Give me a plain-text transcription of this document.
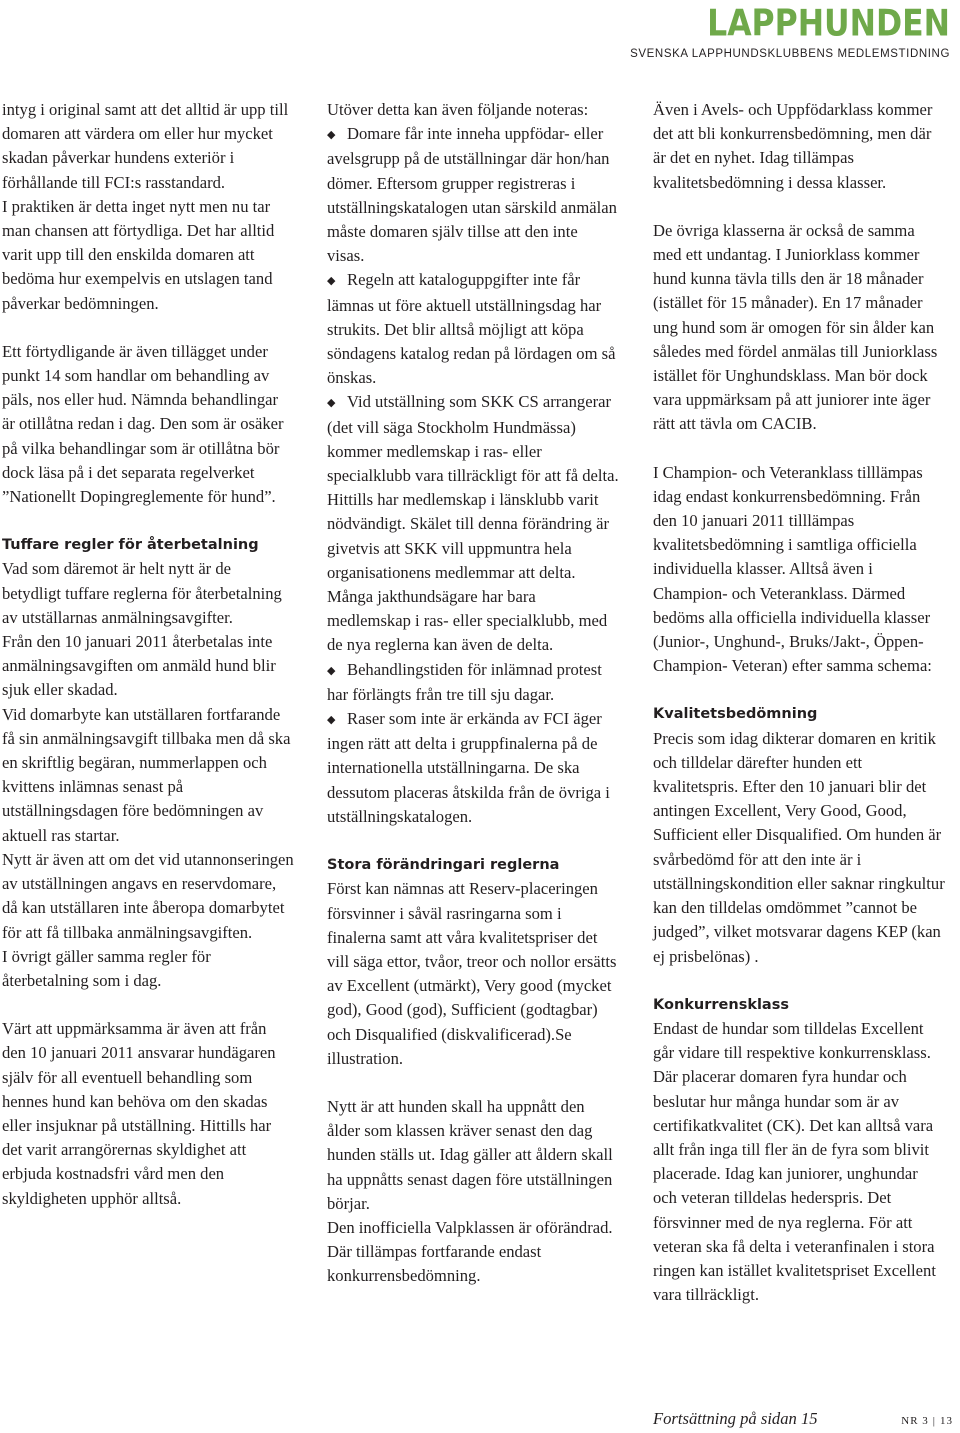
LAPPHUNDEN
SVENSKA LAPPHUNDSKLUBBENS MEDLEMSTIDNING

intyg i original samt att det alltid är upp till domaren att värdera om eller hur mycket skadan påverkar hundens exteriör i förhållande till FCI:s rasstandard.

I praktiken är detta inget nytt men nu tar man chansen att förtydliga. Det har alltid varit upp till den enskilda domaren att bedöma hur exempelvis en utslagen tand påverkar bedömningen.

Ett förtydligande är även tillägget under punkt 14 som handlar om behandling av päls, nos eller hud. Nämnda behandlingar är otillåtna redan i dag. Den som är osäker på vilka behandlingar som är otillåtna bör dock läsa på i det separata regelverket ”Nationellt Dopingreglemente för hund”.

Tuffare regler för återbetalning

Vad som däremot är helt nytt är de betydligt tuffare reglerna för återbetalning av utställarnas anmälningsavgifter.

Från den 10 januari 2011 återbetalas inte anmälningsavgiften om anmäld hund blir sjuk eller skadad.

Vid domarbyte kan utställaren fortfarande få sin anmälningsavgift tillbaka men då ska en skriftlig begäran, nummerlappen och kvittens inlämnas senast på utställningsdagen före bedömningen av aktuell ras startar.

Nytt är även att om det vid utannonseringen av utställningen angavs en reservdomare, då kan utställaren inte åberopa domarbytet för att få tillbaka anmälningsavgiften.

I övrigt gäller samma regler för återbetalning som i dag.

Värt att uppmärksamma är även att från den 10 januari 2011 ansvarar hundägaren själv för all eventuell behandling som hennes hund kan behöva om den skadas eller insjuknar på utställning. Hittills har det varit arrangörernas skyldighet att erbjuda kostnadsfri vård men den skyldigheten upphör alltså.

Utöver detta kan även följande noteras:

◆ Domare får inte inneha uppfödar- eller avelsgrupp på de utställningar där hon/han dömer. Eftersom grupper registreras i utställningskatalogen utan särskild anmälan måste domaren själv tillse att den inte visas.

◆ Regeln att kataloguppgifter inte får lämnas ut före aktuell utställningsdag har strukits. Det blir alltså möjligt att köpa söndagens katalog redan på lördagen om så önskas.

◆ Vid utställning som SKK CS arrangerar (det vill säga Stockholm Hundmässa) kommer medlemskap i ras- eller specialklubb vara tillräckligt för att få delta. Hittills har medlemskap i länsklubb varit nödvändigt. Skälet till denna förändring är givetvis att SKK vill uppmuntra hela organisationens medlemmar att delta. Många jakthundsägare har bara medlemskap i ras- eller specialklubb, med de nya reglerna kan även de delta.

◆ Behandlingstiden för inlämnad protest har förlängts från tre till sju dagar.

◆ Raser som inte är erkända av FCI äger ingen rätt att delta i gruppfinalerna på de internationella utställningarna. De ska dessutom placeras åtskilda från de övriga i utställningskatalogen.

Stora förändringari reglerna

Först kan nämnas att Reserv-placeringen försvinner i såväl rasringarna som i finalerna samt att våra kvalitetspriser det vill säga ettor, tvåor, treor och nollor ersätts av Excellent (utmärkt), Very good (mycket god), Good (god), Sufficient (godtagbar) och Disqualified (diskvalificerad).Se illustration.

Nytt är att hunden skall ha uppnått den ålder som klassen kräver senast den dag hunden ställs ut. Idag gäller att åldern skall ha uppnåtts senast dagen före utställningen börjar.

Den inofficiella Valpklassen är oförändrad. Där tillämpas fortfarande endast konkurrensbedömning.

Även i Avels- och Uppfödarklass kommer det att bli konkurrensbedömning, men där är det en nyhet. Idag tillämpas kvalitetsbedömning i dessa klasser.

De övriga klasserna är också de samma med ett undantag. I Juniorklass kommer hund kunna tävla tills den är 18 månader (istället för 15 månader). En 17 månader ung hund som är omogen för sin ålder kan således med fördel anmälas till Juniorklass istället för Unghundsklass. Man bör dock vara uppmärksam på att juniorer inte äger rätt att tävla om CACIB.

I Champion- och Veteranklass tilllämpas idag endast konkurrensbedömning. Från den 10 januari 2011 tilllämpas kvalitetsbedömning i samtliga officiella individuella klasser. Alltså även i Champion- och Veteranklass. Därmed bedöms alla officiella individuella klasser (Junior-, Unghund-, Bruks/Jakt-, Öppen- Champion- Veteran) efter samma schema:

Kvalitetsbedömning

Precis som idag dikterar domaren en kritik och tilldelar därefter hunden ett kvalitetspris. Efter den 10 januari blir det antingen Excellent, Very Good, Good, Sufficient eller Disqualified. Om hunden är svårbedömd för att den inte är i utställningskondition eller saknar ringkultur kan den tilldelas omdömmet ”cannot be judged”, vilket motsvarar dagens KEP (kan ej prisbelönas) .

Konkurrensklass

Endast de hundar som tilldelas Excellent går vidare till respektive konkurrensklass. Där placerar domaren fyra hundar och beslutar hur många hundar som är av certifikatkvalitet (CK). Det kan alltså vara allt från inga till fler än de fyra som blivit placerade. Idag kan juniorer, unghundar och veteran tilldelas hederspris. Det försvinner med de nya reglerna. För att veteran ska få delta i veteranfinalen i stora ringen kan istället kvalitetspriset Excellent vara tillräckligt.

Fortsättning på sidan 15	NR 3 | 13
